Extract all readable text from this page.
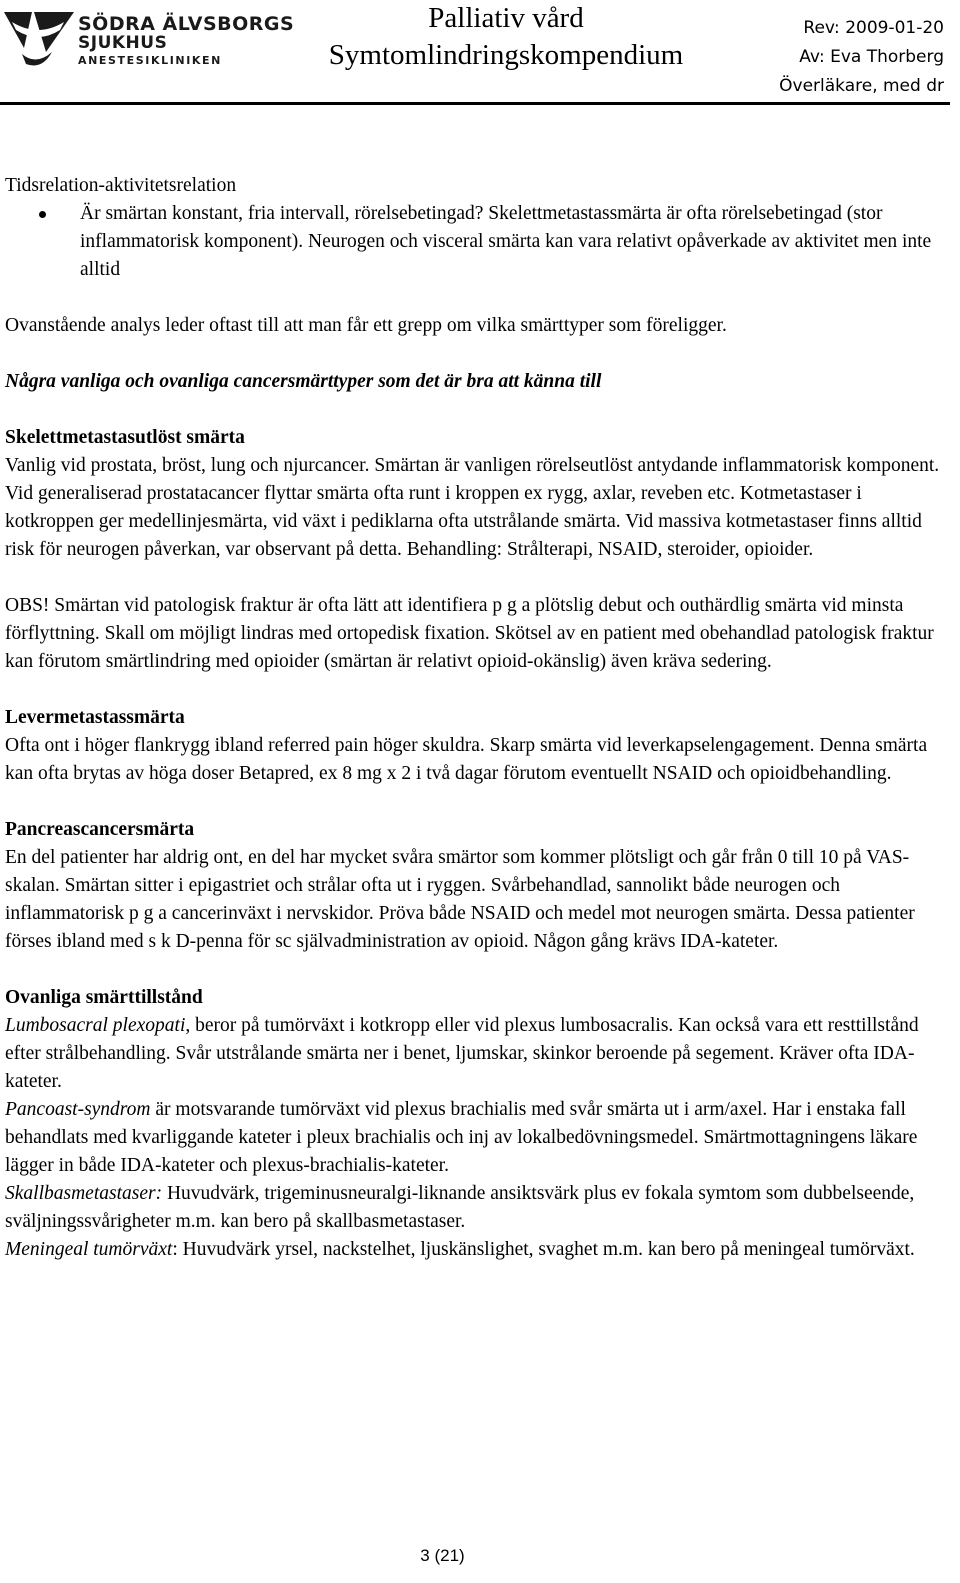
SÖDRA ÄLVSBORGS
SJUKHUS
ANESTESIKLINIKEN
Palliativ vård
Symtomlindringskompendium
Rev: 2009-01-20
Av: Eva Thorberg
Överläkare, med dr

Tidsrelation-aktivitetsrelation

Är smärtan konstant, fria intervall, rörelsebetingad? Skelettmetastassmärta är ofta rörelsebetingad (stor inflammatorisk komponent). Neurogen och visceral smärta kan vara relativt opåverkade av aktivitet men inte alltid

Ovanstående analys leder oftast till att man får ett grepp om vilka smärttyper som föreligger.

Några vanliga och ovanliga cancersmärttyper som det är bra att känna till

Skelettmetastasutlöst smärta

Vanlig vid prostata, bröst, lung och njurcancer. Smärtan är vanligen rörelseutlöst antydande inflammatorisk komponent. Vid generaliserad prostatacancer flyttar smärta ofta runt i kroppen ex rygg, axlar, reveben etc. Kotmetastaser i kotkroppen ger medellinjesmärta, vid växt i pediklarna ofta utstrålande smärta. Vid massiva kotmetastaser finns alltid risk för neurogen påverkan, var observant på detta. Behandling: Strålterapi, NSAID, steroider, opioider.

OBS! Smärtan vid patologisk fraktur är ofta lätt att identifiera p g a plötslig debut och outhärdlig smärta vid minsta förflyttning. Skall om möjligt lindras med ortopedisk fixation. Skötsel av en patient med obehandlad patologisk fraktur kan förutom smärtlindring med opioider (smärtan är relativt opioid-okänslig) även kräva sedering.

Levermetastassmärta

Ofta ont i höger flankrygg ibland referred pain höger skuldra. Skarp smärta vid leverkapselengagement. Denna smärta kan ofta brytas av höga doser Betapred, ex 8 mg x 2 i två dagar förutom eventuellt NSAID och opioidbehandling.

Pancreascancersmärta

En del patienter har aldrig ont, en del har mycket svåra smärtor som kommer plötsligt och går från 0 till 10 på VAS-skalan. Smärtan sitter i epigastriet och strålar ofta ut i ryggen. Svårbehandlad, sannolikt både neurogen och inflammatorisk p g a cancerinväxt i nervskidor. Pröva både NSAID och medel mot neurogen smärta. Dessa patienter förses ibland med s k D-penna för sc självadministration av opioid. Någon gång krävs IDA-kateter.

Ovanliga smärttillstånd

Lumbosacral plexopati, beror på tumörväxt i kotkropp eller vid plexus lumbosacralis. Kan också vara ett resttillstånd efter strålbehandling. Svår utstrålande smärta ner i benet, ljumskar, skinkor beroende på segement. Kräver ofta IDA-kateter.

Pancoast-syndrom är motsvarande tumörväxt vid plexus brachialis med svår smärta ut i arm/axel. Har i enstaka fall behandlats med kvarliggande kateter i pleux brachialis och inj av lokalbedövningsmedel. Smärtmottagningens läkare lägger in både IDA-kateter och plexus-brachialis-kateter.

Skallbasmetastaser: Huvudvärk, trigeminusneuralgi-liknande ansiktsvärk plus ev fokala symtom som dubbelseende, sväljningssvårigheter m.m. kan bero på skallbasmetastaser.

Meningeal tumörväxt: Huvudvärk yrsel, nackstelhet, ljuskänslighet, svaghet m.m. kan bero på meningeal tumörväxt.

3 (21)
